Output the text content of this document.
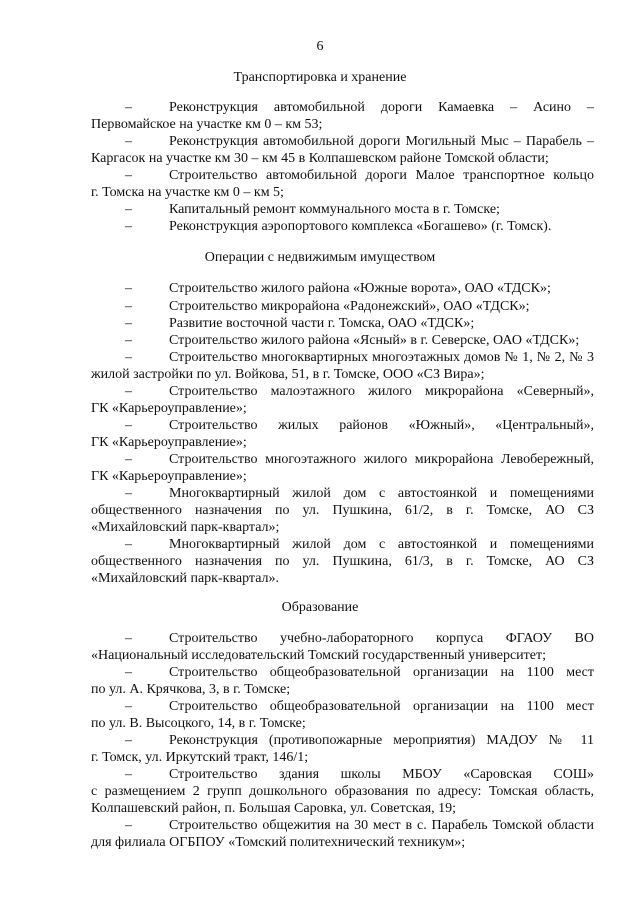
6
Транспортировка и хранение
–	Реконструкция автомобильной дороги Камаевка – Асино –
Первомайское на участке км 0 – км 53;
–	Реконструкция автомобильной дороги Могильный Мыс – Парабель –
Каргасок на участке км 30 – км 45 в Колпашевском районе Томской области;
–	Строительство автомобильной дороги Малое транспортное кольцо
г. Томска на участке км 0 – км 5;
–	Капитальный ремонт коммунального моста в г. Томске;
–	Реконструкция аэропортового комплекса «Богашево» (г. Томск).
Операции с недвижимым имуществом
–	Строительство жилого района «Южные ворота», ОАО «ТДСК»;
–	Строительство микрорайона «Радонежский», ОАО «ТДСК»;
–	Развитие восточной части г. Томска, ОАО «ТДСК»;
–	Строительство жилого района «Ясный» в г. Северске, ОАО «ТДСК»;
–	Строительство многоквартирных многоэтажных домов № 1, № 2, № 3
жилой застройки по ул. Войкова, 51, в г. Томске, ООО «СЗ Вира»;
–	Строительство малоэтажного жилого микрорайона «Северный»,
ГК «Карьероуправление»;
–	Строительство жилых районов «Южный», «Центральный»,
ГК «Карьероуправление»;
–	Строительство многоэтажного жилого микрорайона Левобережный,
ГК «Карьероуправление»;
–	Многоквартирный жилой дом с автостоянкой и помещениями
общественного назначения по ул. Пушкина, 61/2, в г. Томске, АО СЗ
«Михайловский парк-квартал»;
–	Многоквартирный жилой дом с автостоянкой и помещениями
общественного назначения по ул. Пушкина, 61/3, в г. Томске, АО СЗ
«Михайловский парк-квартал».
Образование
–	Строительство учебно-лабораторного корпуса ФГАОУ ВО
«Национальный исследовательский Томский государственный университет;
–	Строительство общеобразовательной организации на 1100 мест
по ул. А. Крячкова, 3, в г. Томске;
–	Строительство общеобразовательной организации на 1100 мест
по ул. В. Высоцкого, 14, в г. Томске;
–	Реконструкция (противопожарные мероприятия) МАДОУ № 11
г. Томск, ул. Иркутский тракт, 146/1;
–	Строительство здания школы МБОУ «Саровская СОШ»
с размещением 2 групп дошкольного образования по адресу: Томская область,
Колпашевский район, п. Большая Саровка, ул. Советская, 19;
–	Строительство общежития на 30 мест в с. Парабель Томской области
для филиала ОГБПОУ «Томский политехнический техникум»;
